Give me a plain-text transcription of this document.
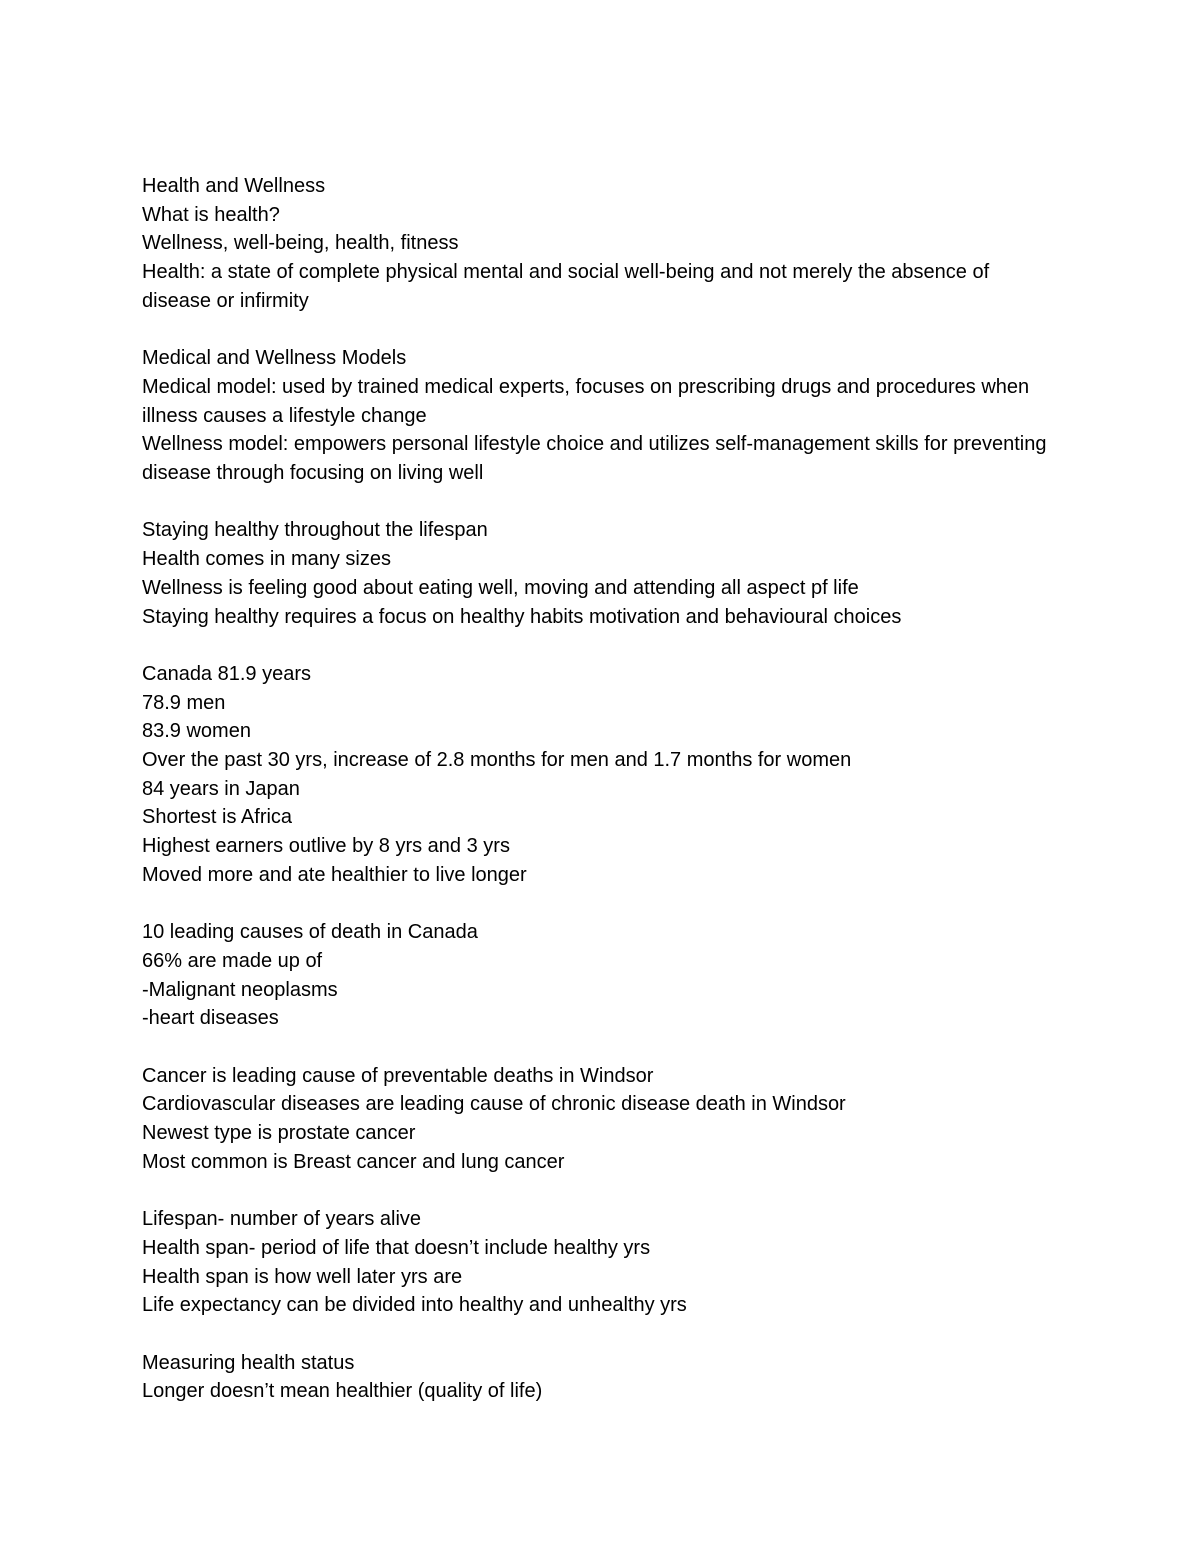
Health and Wellness
What is health?
Wellness, well-being, health, fitness
Health: a state of complete physical mental and social well-being and not merely the absence of disease or infirmity
Medical and Wellness Models
Medical model: used by trained medical experts, focuses on prescribing drugs and procedures when illness causes a lifestyle change
Wellness model: empowers personal lifestyle choice and utilizes self-management skills for preventing disease through focusing on living well
Staying healthy throughout the lifespan
Health comes in many sizes
Wellness is feeling good about eating well, moving and attending all aspect pf life
Staying healthy requires a focus on healthy habits motivation and behavioural choices
Canada 81.9 years
78.9 men
83.9 women
Over the past 30 yrs, increase of 2.8 months for men and 1.7 months for women
84 years in Japan
Shortest is Africa
Highest earners outlive by 8 yrs and 3 yrs
Moved more and ate healthier to live longer
10 leading causes of death in Canada
66% are made up of
-Malignant neoplasms
-heart diseases
Cancer is leading cause of preventable deaths in Windsor
Cardiovascular diseases are leading cause of chronic disease death in Windsor
Newest type is prostate cancer
Most common is Breast cancer and lung cancer
Lifespan- number of years alive
Health span- period of life that doesn’t include healthy yrs
Health span is how well later yrs are
Life expectancy can be divided into healthy and unhealthy yrs
Measuring health status
Longer doesn’t mean healthier (quality of life)
